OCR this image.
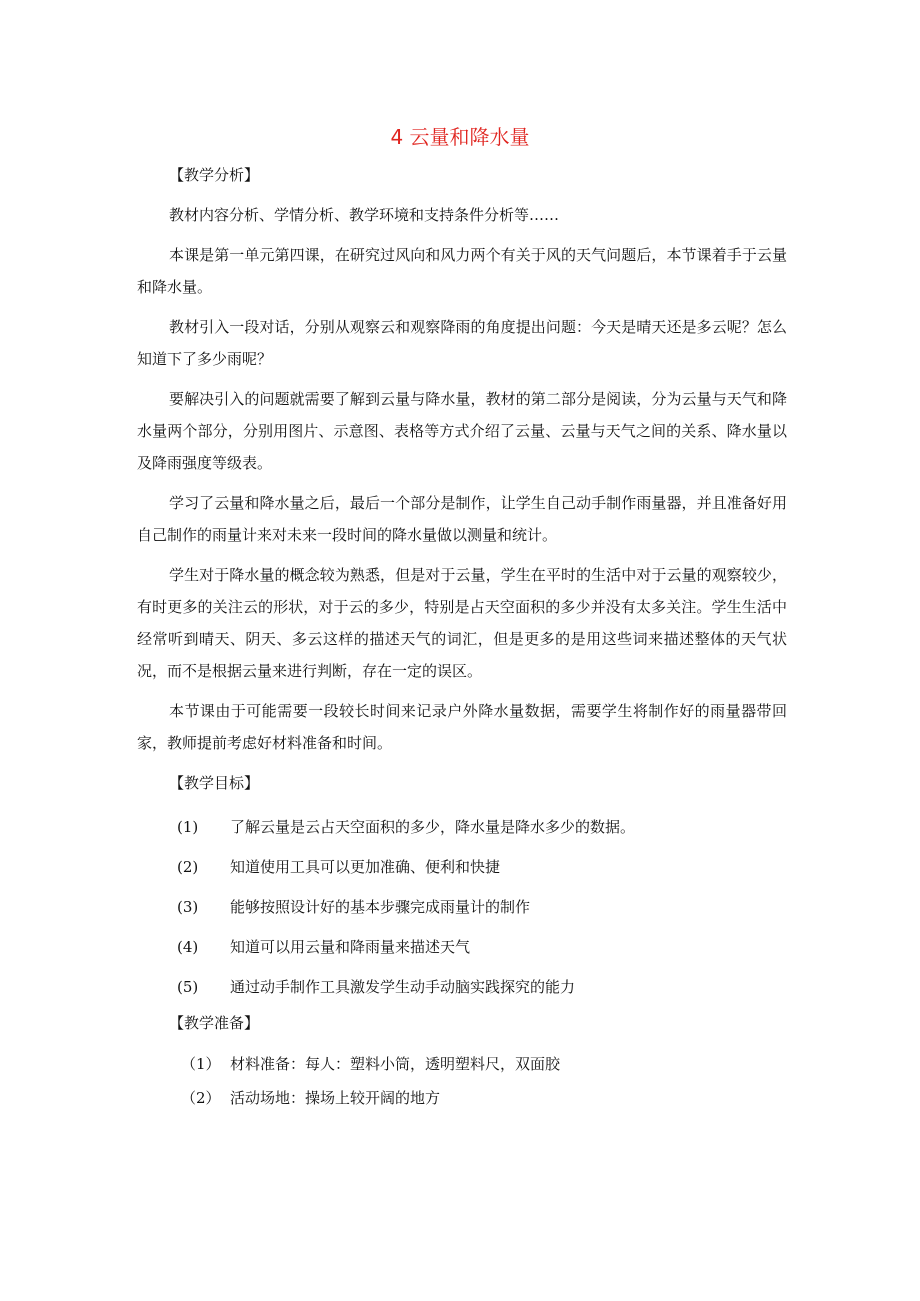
4 云量和降水量
【教学分析】

教材内容分析、学情分析、教学环境和支持条件分析等……

本课是第一单元第四课，在研究过风向和风力两个有关于风的天气问题后，本节课着手于云量和降水量。

教材引入一段对话，分别从观察云和观察降雨的角度提出问题：今天是晴天还是多云呢？怎么知道下了多少雨呢？

要解决引入的问题就需要了解到云量与降水量，教材的第二部分是阅读，分为云量与天气和降水量两个部分，分别用图片、示意图、表格等方式介绍了云量、云量与天气之间的关系、降水量以及降雨强度等级表。

学习了云量和降水量之后，最后一个部分是制作，让学生自己动手制作雨量器，并且准备好用自己制作的雨量计来对未来一段时间的降水量做以测量和统计。

学生对于降水量的概念较为熟悉，但是对于云量，学生在平时的生活中对于云量的观察较少，有时更多的关注云的形状，对于云的多少，特别是占天空面积的多少并没有太多关注。学生生活中经常听到晴天、阴天、多云这样的描述天气的词汇，但是更多的是用这些词来描述整体的天气状况，而不是根据云量来进行判断，存在一定的误区。

本节课由于可能需要一段较长时间来记录户外降水量数据，需要学生将制作好的雨量器带回家，教师提前考虑好材料准备和时间。

【教学目标】
(1) 了解云量是云占天空面积的多少，降水量是降水多少的数据。
(2) 知道使用工具可以更加准确、便利和快捷
(3) 能够按照设计好的基本步骤完成雨量计的制作
(4) 知道可以用云量和降雨量来描述天气
(5) 通过动手制作工具激发学生动手动脑实践探究的能力
【教学准备】
（1） 材料准备：每人：塑料小筒，透明塑料尺，双面胶
（2） 活动场地：操场上较开阔的地方
